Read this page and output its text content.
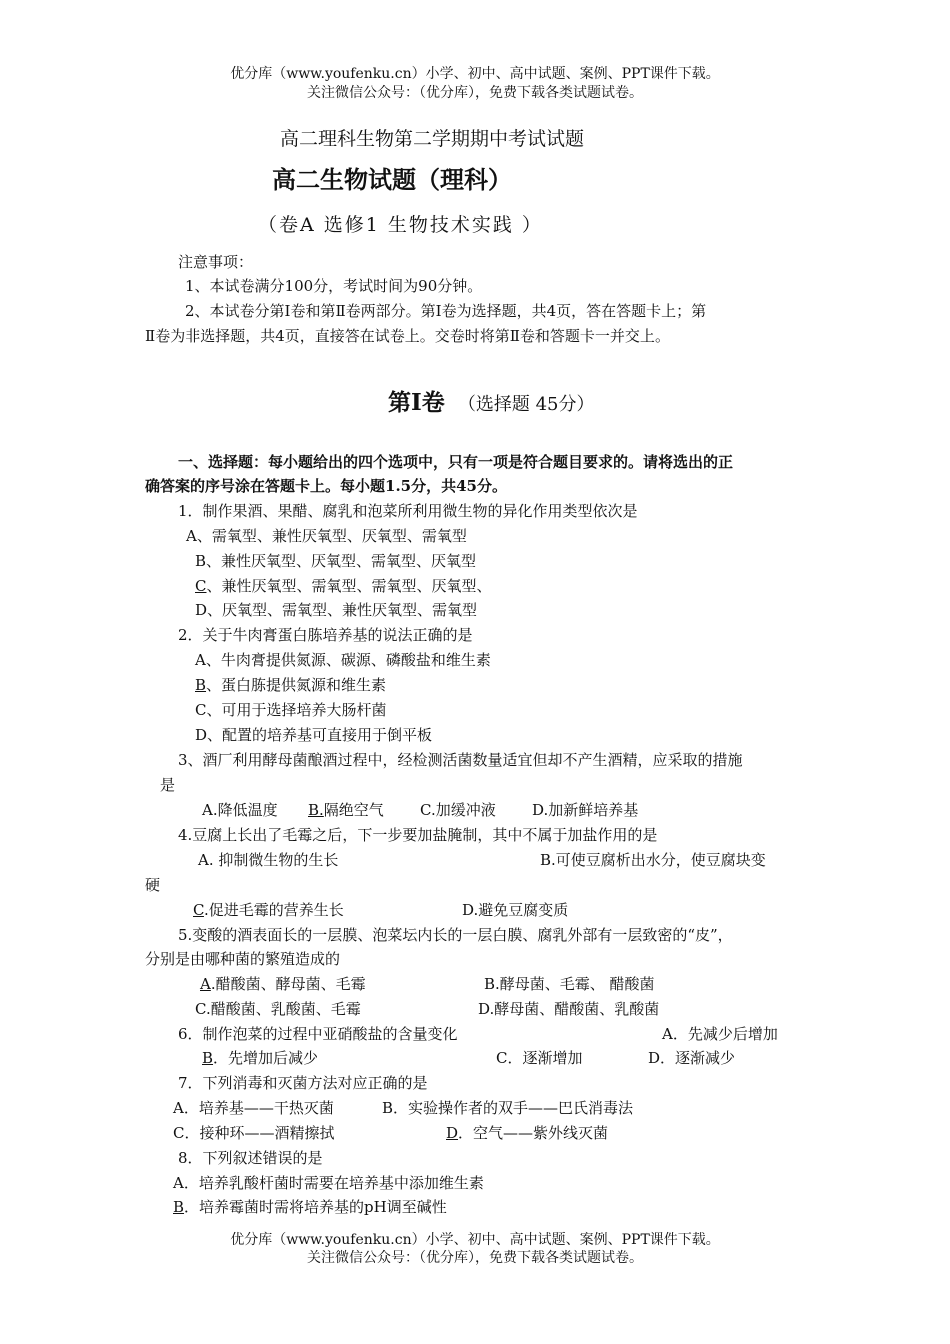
优分库（www.youfenku.cn）小学、初中、高中试题、案例、PPT课件下载。
关注微信公众号：（优分库），免费下载各类试题试卷。
高二理科生物第二学期期中考试试题
高二生物试题（理科）
（卷A 选修1 生物技术实践 ）
注意事项：
1、本试卷满分100分，考试时间为90分钟。
2、本试卷分第Ⅰ卷和第Ⅱ卷两部分。第Ⅰ卷为选择题，共4页，答在答题卡上；第
Ⅱ卷为非选择题，共4页，直接答在试卷上。交卷时将第Ⅱ卷和答题卡一并交上。
第Ⅰ卷 （选择题 45分）
一、选择题：每小题给出的四个选项中，只有一项是符合题目要求的。请将选出的正
确答案的序号涂在答题卡上。每小题1.5分，共45分。
1．制作果酒、果醋、腐乳和泡菜所利用微生物的异化作用类型依次是
A、需氧型、兼性厌氧型、厌氧型、需氧型
B、兼性厌氧型、厌氧型、需氧型、厌氧型
C、兼性厌氧型、需氧型、需氧型、厌氧型、
D、厌氧型、需氧型、兼性厌氧型、需氧型
2．关于牛肉膏蛋白胨培养基的说法正确的是
A、牛肉膏提供氮源、碳源、磷酸盐和维生素
B、蛋白胨提供氮源和维生素
C、可用于选择培养大肠杆菌
D、配置的培养基可直接用于倒平板
3、酒厂利用酵母菌酿酒过程中，经检测活菌数量适宜但却不产生酒精，应采取的措施
是
A.降低温度 B.隔绝空气 C.加缓冲液 D.加新鲜培养基
4.豆腐上长出了毛霉之后，下一步要加盐腌制，其中不属于加盐作用的是
A. 抑制微生物的生长	B.可使豆腐析出水分，使豆腐块变
硬
C.促进毛霉的营养生长	D.避免豆腐变质
5.变酸的酒表面长的一层膜、泡菜坛内长的一层白膜、腐乳外部有一层致密的“皮”，
分别是由哪种菌的繁殖造成的
A.醋酸菌、酵母菌、毛霉	B.酵母菌、毛霉、 醋酸菌
C.醋酸菌、乳酸菌、毛霉	D.酵母菌、醋酸菌、乳酸菌
6．制作泡菜的过程中亚硝酸盐的含量变化	A．先减少后增加
B．先增加后减少	C．逐渐增加	D．逐渐减少
7．下列消毒和灭菌方法对应正确的是
A．培养基——干热灭菌	B．实验操作者的双手——巴氏消毒法
C．接种环——酒精擦拭	D．空气——紫外线灭菌
8．下列叙述错误的是
A．培养乳酸杆菌时需要在培养基中添加维生素
B．培养霉菌时需将培养基的pH调至碱性
优分库（www.youfenku.cn）小学、初中、高中试题、案例、PPT课件下载。
关注微信公众号：（优分库），免费下载各类试题试卷。
